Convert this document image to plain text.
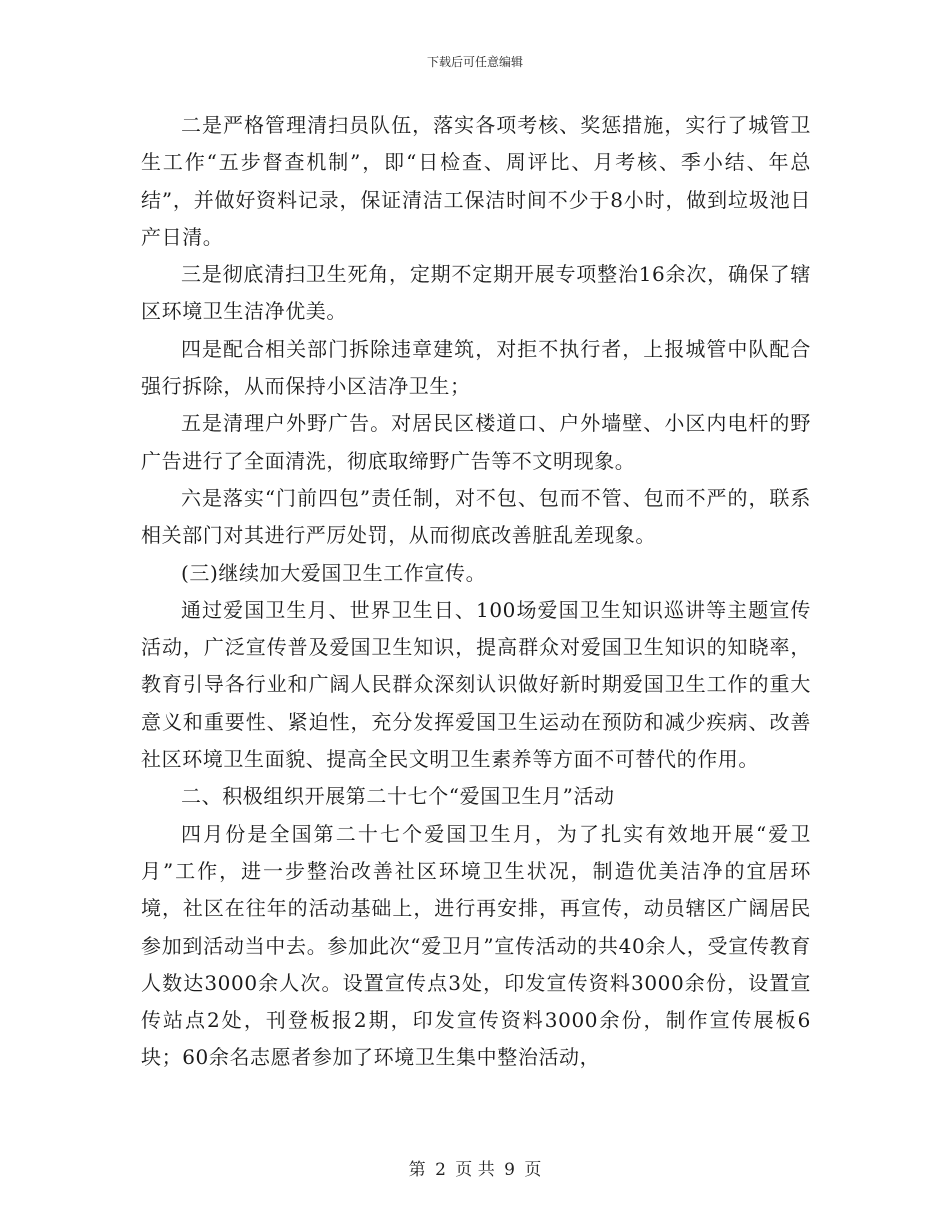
下载后可任意编辑

二是严格管理清扫员队伍，落实各项考核、奖惩措施，实行了城管卫生工作“五步督查机制”，即“日检查、周评比、月考核、季小结、年总结”，并做好资料记录，保证清洁工保洁时间不少于8小时，做到垃圾池日产日清。

三是彻底清扫卫生死角，定期不定期开展专项整治16余次，确保了辖区环境卫生洁净优美。

四是配合相关部门拆除违章建筑，对拒不执行者，上报城管中队配合强行拆除，从而保持小区洁净卫生；

五是清理户外野广告。对居民区楼道口、户外墙壁、小区内电杆的野广告进行了全面清洗，彻底取缔野广告等不文明现象。

六是落实“门前四包”责任制，对不包、包而不管、包而不严的，联系相关部门对其进行严厉处罚，从而彻底改善脏乱差现象。

(三)继续加大爱国卫生工作宣传。

通过爱国卫生月、世界卫生日、100场爱国卫生知识巡讲等主题宣传活动，广泛宣传普及爱国卫生知识，提高群众对爱国卫生知识的知晓率，教育引导各行业和广阔人民群众深刻认识做好新时期爱国卫生工作的重大意义和重要性、紧迫性，充分发挥爱国卫生运动在预防和减少疾病、改善社区环境卫生面貌、提高全民文明卫生素养等方面不可替代的作用。

二、积极组织开展第二十七个“爱国卫生月”活动

四月份是全国第二十七个爱国卫生月，为了扎实有效地开展“爱卫月”工作，进一步整治改善社区环境卫生状况，制造优美洁净的宜居环境，社区在往年的活动基础上，进行再安排，再宣传，动员辖区广阔居民参加到活动当中去。参加此次“爱卫月”宣传活动的共40余人，受宣传教育人数达3000余人次。设置宣传点3处，印发宣传资料3000余份，设置宣传站点2处，刊登板报2期，印发宣传资料3000余份，制作宣传展板6块；60余名志愿者参加了环境卫生集中整治活动，

第 2 页 共 9 页
